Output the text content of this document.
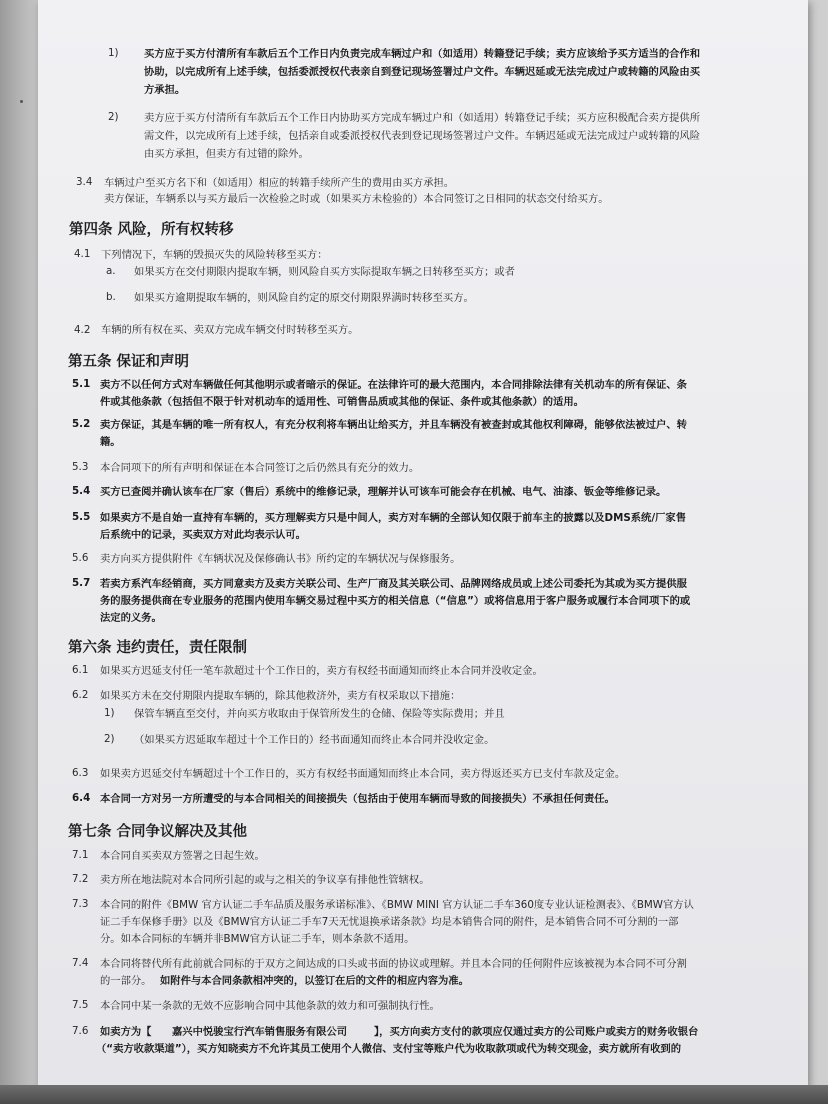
1) 买方应于买方付清所有车款后五个工作日内负责完成车辆过户和（如适用）转籍登记手续；卖方应该给予买方适当的合作和
协助，以完成所有上述手续，包括委派授权代表亲自到登记现场签署过户文件。车辆迟延或无法完成过户或转籍的风险由买
方承担。
2) 卖方应于买方付清所有车款后五个工作日内协助买方完成车辆过户和（如适用）转籍登记手续；买方应积极配合卖方提供所
需文件，以完成所有上述手续，包括亲自或委派授权代表到登记现场签署过户文件。车辆迟延或无法完成过户或转籍的风险
由买方承担，但卖方有过错的除外。
3.4 车辆过户至买方名下和（如适用）相应的转籍手续所产生的费用由买方承担。
卖方保证，车辆系以与买方最后一次检验之时或（如果买方未检验的）本合同签订之日相同的状态交付给买方。
第四条 风险，所有权转移
4.1 下列情况下，车辆的毁损灭失的风险转移至买方：
a. 如果买方在交付期限内提取车辆，则风险自买方实际提取车辆之日转移至买方；或者
b. 如果买方逾期提取车辆的，则风险自约定的原交付期限界满时转移至买方。
4.2 车辆的所有权在买、卖双方完成车辆交付时转移至买方。
第五条 保证和声明
5.1 卖方不以任何方式对车辆做任何其他明示或者暗示的保证。在法律许可的最大范围内，本合同排除法律有关机动车的所有保证、条
件或其他条款（包括但不限于针对机动车的适用性、可销售品质或其他的保证、条件或其他条款）的适用。
5.2 卖方保证，其是车辆的唯一所有权人，有充分权利将车辆出让给买方，并且车辆没有被查封或其他权利障碍，能够依法被过户、转
籍。
5.3 本合同项下的所有声明和保证在本合同签订之后仍然具有充分的效力。
5.4 买方已查阅并确认该车在厂家（售后）系统中的维修记录，理解并认可该车可能会存在机械、电气、油漆、钣金等维修记录。
5.5 如果卖方不是自始一直持有车辆的，买方理解卖方只是中间人，卖方对车辆的全部认知仅限于前车主的披露以及DMS系统/厂家售
后系统中的记录，买卖双方对此均表示认可。
5.6 卖方向买方提供附件《车辆状况及保修确认书》所约定的车辆状况与保修服务。
5.7 若卖方系汽车经销商，买方同意卖方及卖方关联公司、生产厂商及其关联公司、品牌网络成员或上述公司委托为其或为买方提供服
务的服务提供商在专业服务的范围内使用车辆交易过程中买方的相关信息（“信息”）或将信息用于客户服务或履行本合同项下的或
法定的义务。
第六条 违约责任，责任限制
6.1 如果买方迟延支付任一笔车款超过十个工作日的，卖方有权经书面通知而终止本合同并没收定金。
6.2 如果买方未在交付期限内提取车辆的，除其他救济外，卖方有权采取以下措施：
1) 保管车辆直至交付，并向买方收取由于保管所发生的仓储、保险等实际费用；并且
2) （如果买方迟延取车超过十个工作日的）经书面通知而终止本合同并没收定金。
6.3 如果卖方迟延交付车辆超过十个工作日的，买方有权经书面通知而终止本合同，卖方得返还买方已支付车款及定金。
6.4 本合同一方对另一方所遭受的与本合同相关的间接损失（包括由于使用车辆而导致的间接损失）不承担任何责任。
第七条 合同争议解决及其他
7.1 本合同自买卖双方签署之日起生效。
7.2 卖方所在地法院对本合同所引起的或与之相关的争议享有排他性管辖权。
7.3 本合同的附件《BMW 官方认证二手车品质及服务承诺标准》、《BMW MINI 官方认证二手车360度专业认证检测表》、《BMW官方认
证二手车保修手册》以及《BMW官方认证二手车7天无忧退换承诺条款》均是本销售合同的附件，是本销售合同不可分割的一部
分。如本合同标的车辆并非BMW官方认证二手车，则本条款不适用。
7.4 本合同将替代所有此前就合同标的于双方之间达成的口头或书面的协议或理解。并且本合同的任何附件应该被视为本合同不可分割
的一部分。 如附件与本合同条款相冲突的，以签订在后的文件的相应内容为准。
7.5 本合同中某一条款的无效不应影响合同中其他条款的效力和可强制执行性。
7.6 如卖方为【 嘉兴中悦骏宝行汽车销售服务有限公司	】，买方向卖方支付的款项应仅通过卖方的公司账户或卖方的财务收银台
（“卖方收款渠道”），买方知晓卖方不允许其员工使用个人微信、支付宝等账户代为收取款项或代为转交现金，卖方就所有收到的
